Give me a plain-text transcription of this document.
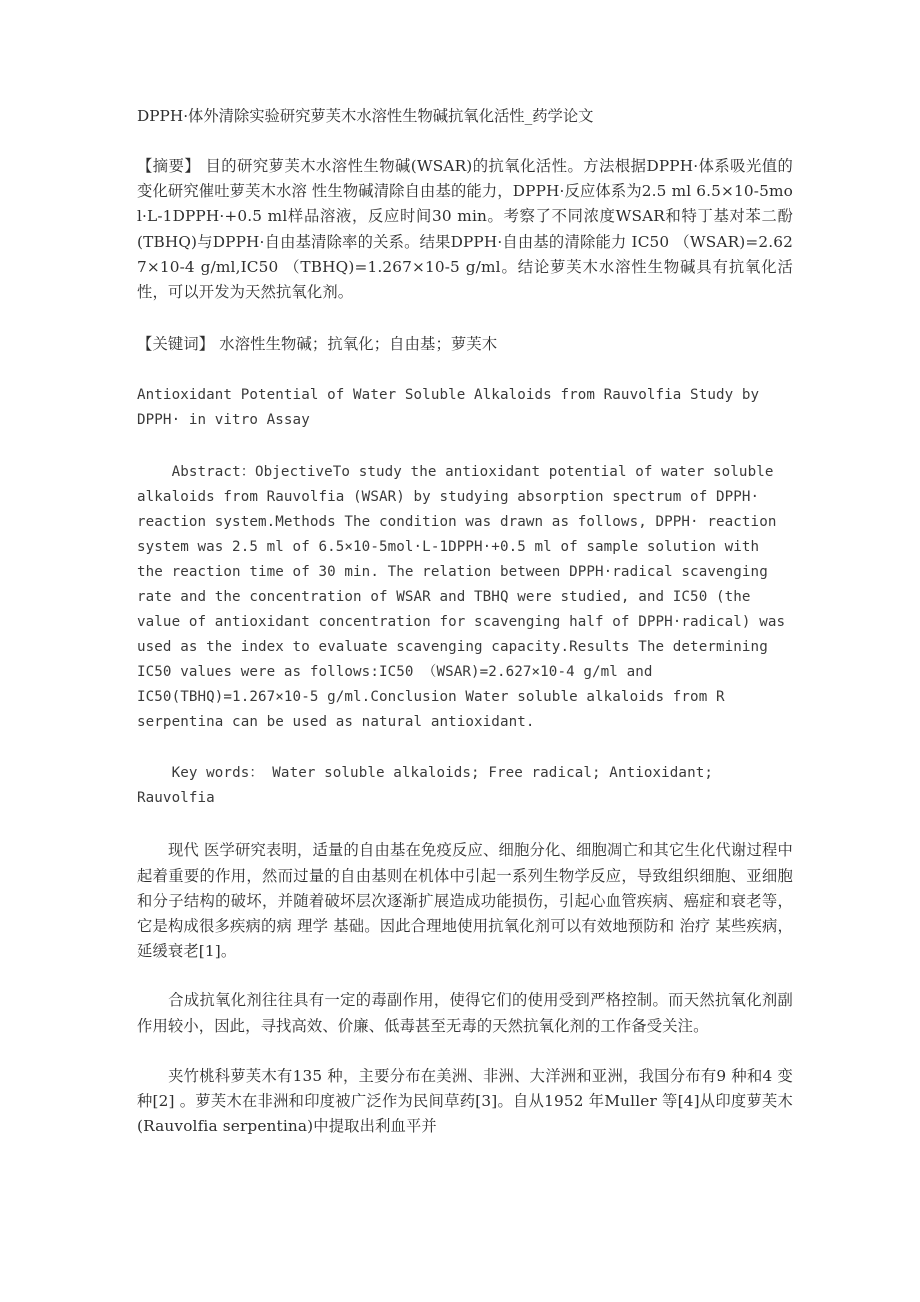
DPPH·体外清除实验研究萝芙木水溶性生物碱抗氧化活性_药学论文
【摘要】 目的研究萝芙木水溶性生物碱(WSAR)的抗氧化活性。方法根据DPPH·体系吸光值的变化研究催吐萝芙木水溶 性生物碱清除自由基的能力，DPPH·反应体系为2.5 ml 6.5×10-5mol·L-1DPPH·+0.5 ml样品溶液，反应时间30 min。考察了不同浓度WSAR和特丁基对苯二酚(TBHQ)与DPPH·自由基清除率的关系。结果DPPH·自由基的清除能力 IC50 （WSAR)=2.627×10-4 g/ml,IC50 （TBHQ)=1.267×10-5 g/ml。结论萝芙木水溶性生物碱具有抗氧化活性，可以开发为天然抗氧化剂。
【关键词】 水溶性生物碱；抗氧化；自由基；萝芙木
Antioxidant Potential of Water Soluble Alkaloids from Rauvolfia Study by DPPH· in vitro Assay
Abstract：ObjectiveTo study the antioxidant potential of water soluble alkaloids from Rauvolfia (WSAR) by studying absorption spectrum of DPPH· reaction system.Methods The condition was drawn as follows, DPPH· reaction system was 2.5 ml of 6.5×10-5mol·L-1DPPH·+0.5 ml of sample solution with the reaction time of 30 min. The relation between DPPH·radical scavenging rate and the concentration of WSAR and TBHQ were studied, and IC50 (the value of antioxidant concentration for scavenging half of DPPH·radical) was used as the index to evaluate scavenging capacity.Results The determining IC50 values were as follows:IC50 （WSAR)=2.627×10-4 g/ml and IC50(TBHQ)=1.267×10-5 g/ml.Conclusion Water soluble alkaloids from R serpentina can be used as natural antioxidant.
Key words： Water soluble alkaloids; Free radical; Antioxidant; Rauvolfia
　　现代 医学研究表明，适量的自由基在免疫反应、细胞分化、细胞凋亡和其它生化代谢过程中起着重要的作用，然而过量的自由基则在机体中引起一系列生物学反应，导致组织细胞、亚细胞和分子结构的破坏，并随着破坏层次逐渐扩展造成功能损伤，引起心血管疾病、癌症和衰老等，它是构成很多疾病的病 理学 基础。因此合理地使用抗氧化剂可以有效地预防和 治疗 某些疾病，延缓衰老[1]。
　　合成抗氧化剂往往具有一定的毒副作用，使得它们的使用受到严格控制。而天然抗氧化剂副作用较小，因此，寻找高效、价廉、低毒甚至无毒的天然抗氧化剂的工作备受关注。
　　夹竹桃科萝芙木有135 种，主要分布在美洲、非洲、大洋洲和亚洲，我国分布有9 种和4 变种[2] 。萝芙木在非洲和印度被广泛作为民间草药[3]。自从1952 年Muller 等[4]从印度萝芙木(Rauvolfia serpentina)中提取出利血平并
